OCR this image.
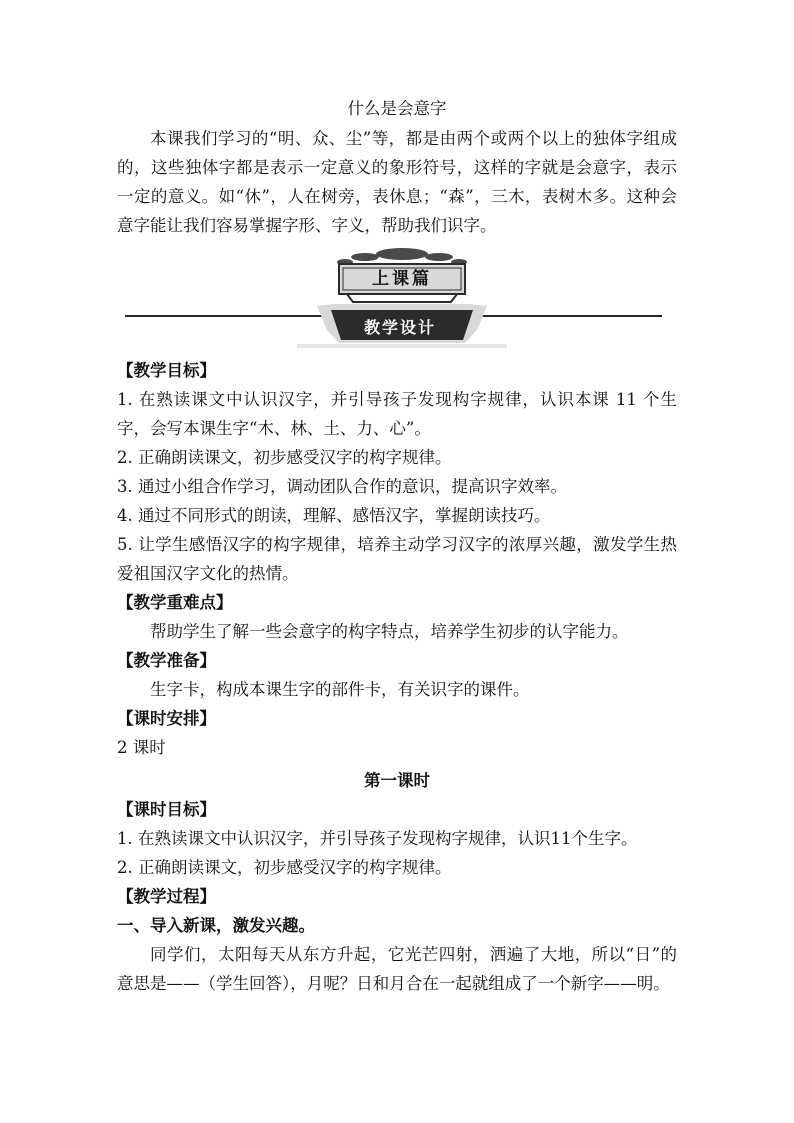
什么是会意字

本课我们学习的“明、众、尘”等，都是由两个或两个以上的独体字组成的，这些独体字都是表示一定意义的象形符号，这样的字就是会意字，表示一定的意义。如“休”，人在树旁，表休息；“森”，三木，表树木多。这种会意字能让我们容易掌握字形、字义，帮助我们识字。

上课篇
教学设计

【教学目标】

1. 在熟读课文中认识汉字，并引导孩子发现构字规律，认识本课 11 个生字，会写本课生字“木、林、土、力、心”。

2. 正确朗读课文，初步感受汉字的构字规律。

3. 通过小组合作学习，调动团队合作的意识，提高识字效率。

4. 通过不同形式的朗读，理解、感悟汉字，掌握朗读技巧。

5. 让学生感悟汉字的构字规律，培养主动学习汉字的浓厚兴趣，激发学生热爱祖国汉字文化的热情。

【教学重难点】

帮助学生了解一些会意字的构字特点，培养学生初步的认字能力。

【教学准备】

生字卡，构成本课生字的部件卡，有关识字的课件。

【课时安排】

2 课时

第一课时

【课时目标】

1. 在熟读课文中认识汉字，并引导孩子发现构字规律，认识11个生字。

2. 正确朗读课文，初步感受汉字的构字规律。

【教学过程】

一、导入新课，激发兴趣。

同学们，太阳每天从东方升起，它光芒四射，洒遍了大地，所以“日”的意思是——（学生回答），月呢？日和月合在一起就组成了一个新字——明。
